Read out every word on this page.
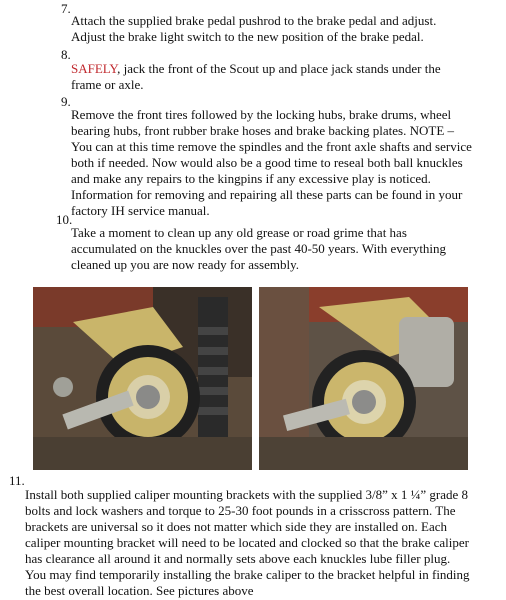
7.

Attach the supplied brake pedal pushrod to the brake pedal and adjust. Adjust the brake light switch to the new position of the brake pedal.

8.

SAFELY, jack the front of the Scout up and place jack stands under the frame or axle.

9.

Remove the front tires followed by the locking hubs, brake drums, wheel bearing hubs, front rubber brake hoses and brake backing plates. NOTE – You can at this time remove the spindles and the front axle shafts and service both if needed. Now would also be a good time to reseal both ball knuckles and make any repairs to the kingpins if any excessive play is noticed. Information for removing and repairing all these parts can be found in your factory IH service manual.

10.

Take a moment to clean up any old grease or road grime that has accumulated on the knuckles over the past 40-50 years. With everything cleaned up you are now ready for assembly.

11.

Install both supplied caliper mounting brackets with the supplied 3/8” x 1 ¼” grade 8 bolts and lock washers and torque to 25-30 foot pounds in a crisscross pattern. The brackets are universal so it does not matter which side they are installed on. Each caliper mounting bracket will need to be located and clocked so that the brake caliper has clearance all around it and normally sets above each knuckles lube filler plug. You may find temporarily installing the brake caliper to the bracket helpful in finding the best overall location. See pictures above
